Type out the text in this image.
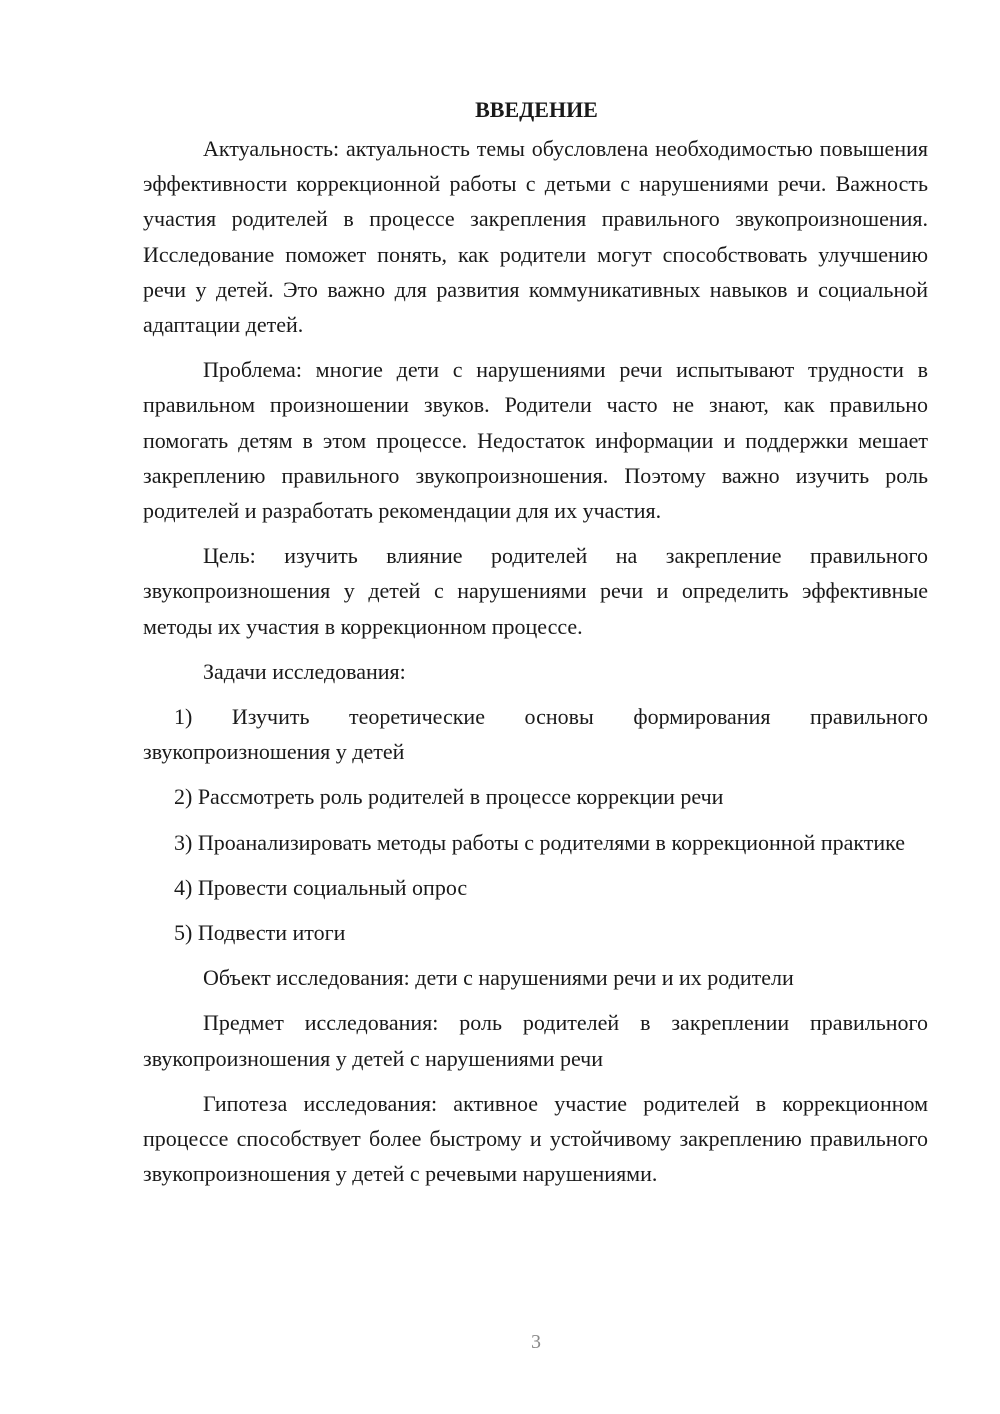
ВВЕДЕНИЕ

Актуальность: актуальность темы обусловлена необходимостью повышения эффективности коррекционной работы с детьми с нарушениями речи. Важность участия родителей в процессе закрепления правильного звукопроизношения. Исследование поможет понять, как родители могут способствовать улучшению речи у детей. Это важно для развития коммуникативных навыков и социальной адаптации детей.

Проблема: многие дети с нарушениями речи испытывают трудности в правильном произношении звуков. Родители часто не знают, как правильно помогать детям в этом процессе. Недостаток информации и поддержки мешает закреплению правильного звукопроизношения. Поэтому важно изучить роль родителей и разработать рекомендации для их участия.

Цель: изучить влияние родителей на закрепление правильного звукопроизношения у детей с нарушениями речи и определить эффективные методы их участия в коррекционном процессе.

Задачи исследования:

1) Изучить теоретические основы формирования правильного звукопроизношения у детей

2) Рассмотреть роль родителей в процессе коррекции речи

3) Проанализировать методы работы с родителями в коррекционной практике

4) Провести социальный опрос

5) Подвести итоги

Объект исследования: дети с нарушениями речи и их родители

Предмет исследования: роль родителей в закреплении правильного звукопроизношения у детей с нарушениями речи

Гипотеза исследования: активное участие родителей в коррекционном процессе способствует более быстрому и устойчивому закреплению правильного звукопроизношения у детей с речевыми нарушениями.

3
